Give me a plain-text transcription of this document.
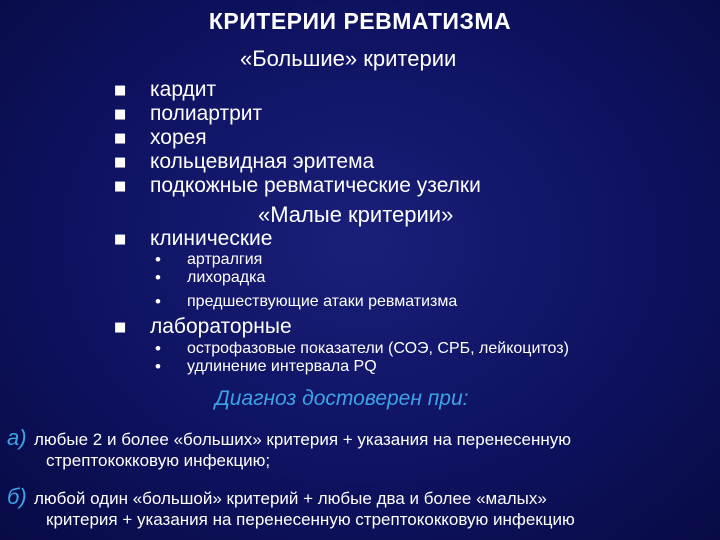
КРИТЕРИИ РЕВМАТИЗМА
«Большие» критерии
■ кардит
■ полиартрит
■ хорея
■ кольцевидная эритема
■ подкожные ревматические узелки
«Малые критерии»
■ клинические
• артралгия
• лихорадка
• предшествующие атаки ревматизма
■ лабораторные
• острофазовые показатели (СОЭ, СРБ, лейкоцитоз)
• удлинение интервала PQ
Диагноз достоверен при:
а) любые 2 и более «больших» критерия + указания на перенесенную
стрептококковую инфекцию;
б) любой один «большой» критерий + любые два и более «малых»
критерия + указания на перенесенную стрептококковую инфекцию
